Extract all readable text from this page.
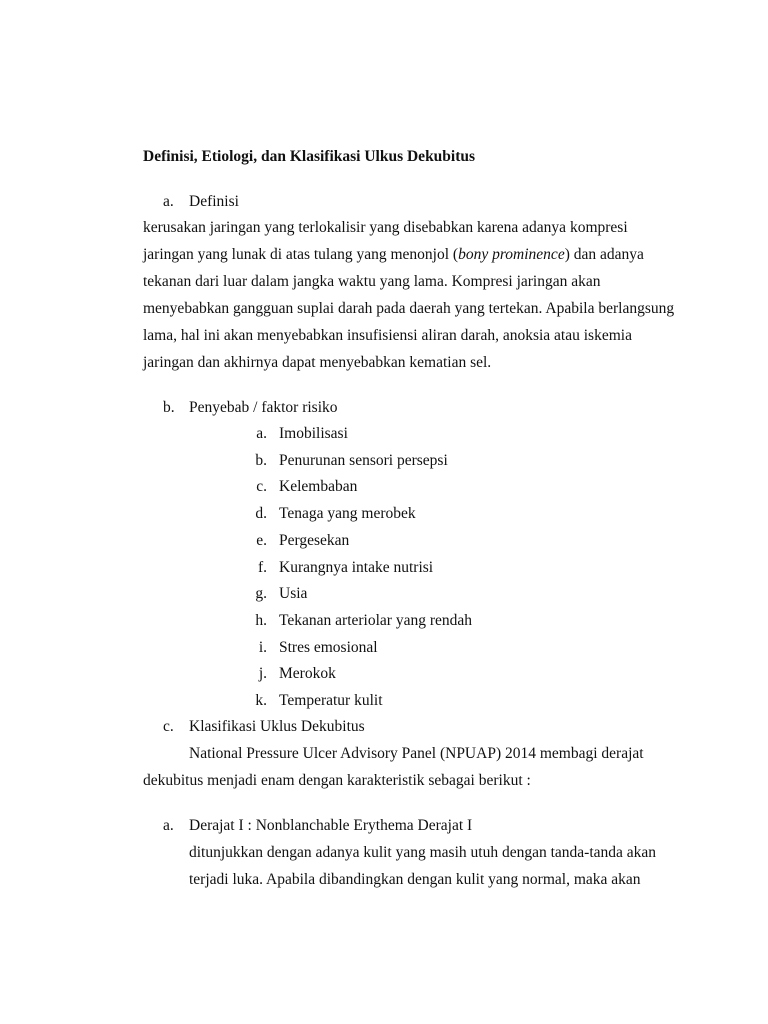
Definisi, Etiologi, dan Klasifikasi Ulkus Dekubitus
a. Definisi
kerusakan jaringan yang terlokalisir yang disebabkan karena adanya kompresi
jaringan yang lunak di atas tulang yang menonjol (bony prominence) dan adanya
tekanan dari luar dalam jangka waktu yang lama. Kompresi jaringan akan
menyebabkan gangguan suplai darah pada daerah yang tertekan. Apabila berlangsung
lama, hal ini akan menyebabkan insufisiensi aliran darah, anoksia atau iskemia
jaringan dan akhirnya dapat menyebabkan kematian sel.
b. Penyebab / faktor risiko
a. Imobilisasi
b. Penurunan sensori persepsi
c. Kelembaban
d. Tenaga yang merobek
e. Pergesekan
f. Kurangnya intake nutrisi
g. Usia
h. Tekanan arteriolar yang rendah
i. Stres emosional
j. Merokok
k. Temperatur kulit
c. Klasifikasi Uklus Dekubitus
National Pressure Ulcer Advisory Panel (NPUAP) 2014 membagi derajat
dekubitus menjadi enam dengan karakteristik sebagai berikut :
a. Derajat I : Nonblanchable Erythema Derajat I
ditunjukkan dengan adanya kulit yang masih utuh dengan tanda-tanda akan
terjadi luka. Apabila dibandingkan dengan kulit yang normal, maka akan
